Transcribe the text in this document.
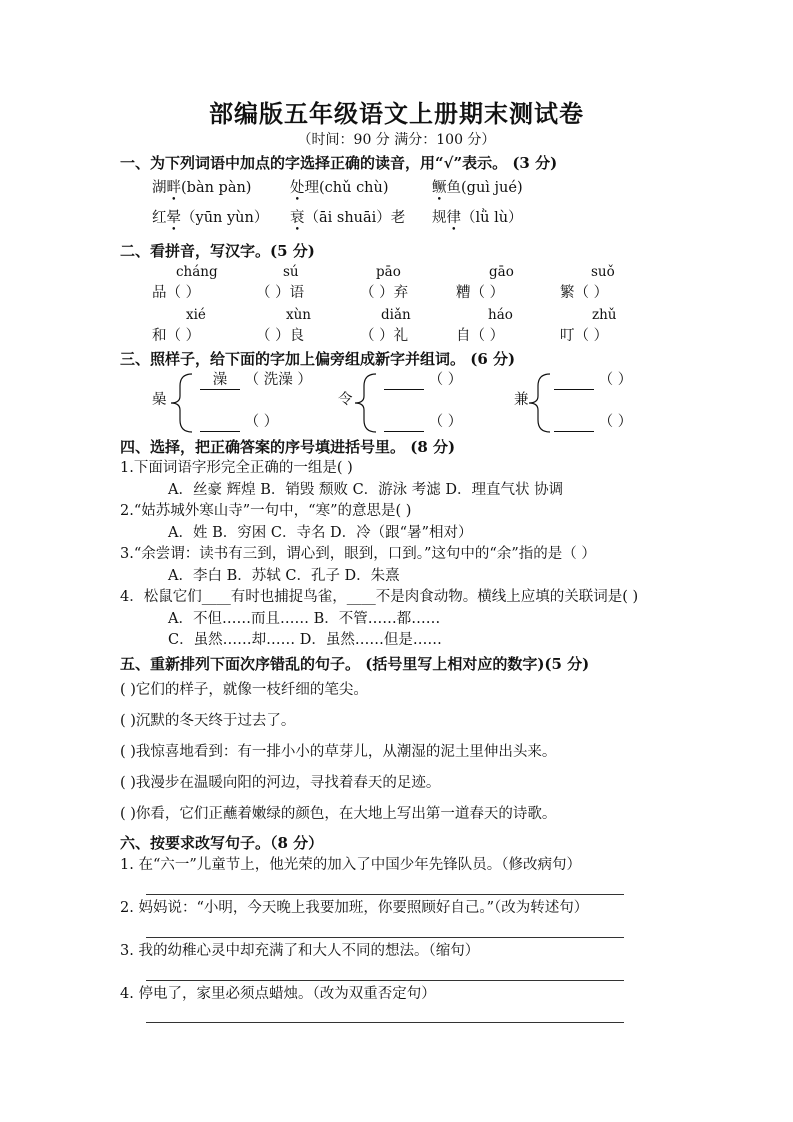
部编版五年级语文上册期末测试卷
（时间：90 分 满分：100 分）
一、为下列词语中加点的字选择正确的读音，用“√”表示。 (3 分)
湖畔(bàn pàn)	处理(chǔ chù)	鳜鱼(guì jué)
红晕（yūn yùn） 衰（āi shuāi）老 规律（lǜ lù）
二、看拼音，写汉字。(5 分)
cháng	sú	pāo	gāo	suǒ
品（ ）	（ ）语	（ ）弃	糟（ ）	繁（ ）
xié	xùn	diǎn	háo	zhǔ
和（ ）	（ ）良	（ ）礼	自（ ）	叮（ ）
三、照样子，给下面的字加上偏旁组成新字并组词。 (6 分)
喿
澡 （ 洗澡 ）
（ ）
令
（ ）
（ ）
兼
（ ）
（ ）
四、选择，把正确答案的序号填进括号里。 (8 分)
1.下面词语字形完全正确的一组是( )
A．丝豪 辉煌 B．销毁 颓败 C．游泳 考滤 D．理直气状 协调
2.“姑苏城外寒山寺”一句中，“寒”的意思是( )
A．姓 B．穷困 C．寺名 D．冷（跟“暑”相对）
3.“余尝谓：读书有三到，谓心到，眼到，口到。”这句中的“余”指的是（ ）
A．李白 B．苏轼 C．孔子 D．朱熹
4．松鼠它们____有时也捕捉鸟雀，____不是肉食动物。横线上应填的关联词是( )
A．不但……而且…… B．不管……都……
C．虽然……却…… D．虽然……但是……
五、重新排列下面次序错乱的句子。 (括号里写上相对应的数字)(5 分)
( )它们的样子，就像一枝纤细的笔尖。
( )沉默的冬天终于过去了。
( )我惊喜地看到：有一排小小的草芽儿，从潮湿的泥土里伸出头来。
( )我漫步在温暖向阳的河边，寻找着春天的足迹。
( )你看，它们正蘸着嫩绿的颜色，在大地上写出第一道春天的诗歌。
六、按要求改写句子。（8 分）
1. 在“六一”儿童节上，他光荣的加入了中国少年先锋队员。（修改病句）
2. 妈妈说：“小明，今天晚上我要加班，你要照顾好自己。”（改为转述句）
3. 我的幼稚心灵中却充满了和大人不同的想法。（缩句）
4. 停电了，家里必须点蜡烛。（改为双重否定句）
